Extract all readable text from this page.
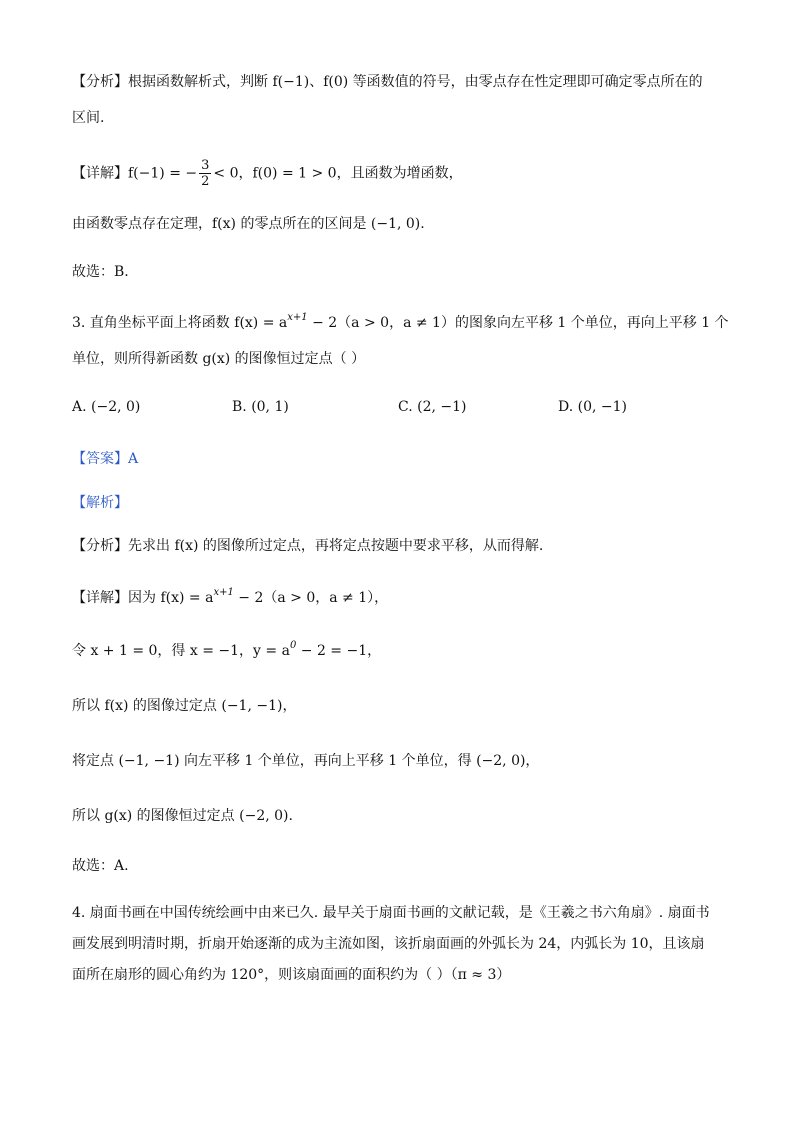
【分析】根据函数解析式，判断 f(−1)、f(0) 等函数值的符号，由零点存在性定理即可确定零点所在的
区间.
【详解】f(−1) = − $\frac{3}{2} < 0$，f(0) = 1 > 0，且函数为增函数，
由函数零点存在定理，f(x) 的零点所在的区间是 (−1, 0).
故选：B.
3. 直角坐标平面上将函数 $f(x) = a^{x+1} - 2(a > 0$，a ≠ 1）的图象向左平移 1 个单位，再向上平移 1 个
单位，则所得新函数 g(x) 的图像恒过定点（ ）
A. (−2, 0)	B. (0, 1)	C. (2, −1)	D. (0, −1)
【答案】A
【解析】
【分析】先求出 f(x) 的图像所过定点，再将定点按题中要求平移，从而得解.
【详解】因为 $f(x) = a^{x+1} - 2(a > 0$，a ≠ 1），
令 x + 1 = 0，得 x = −1，$y = a^0 - 2 = -1$，
所以 f(x) 的图像过定点 (−1, −1)，
将定点 (−1, −1) 向左平移 1 个单位，再向上平移 1 个单位，得 (−2, 0)，
所以 g(x) 的图像恒过定点 (−2, 0).
故选：A.
4. 扇面书画在中国传统绘画中由来已久. 最早关于扇面书画的文献记载，是《王羲之书六角扇》. 扇面书
画发展到明清时期，折扇开始逐渐的成为主流如图，该折扇面画的外弧长为 24，内弧长为 10，且该扇
面所在扇形的圆心角约为 120°，则该扇面画的面积约为（ ）（π ≈ 3）
